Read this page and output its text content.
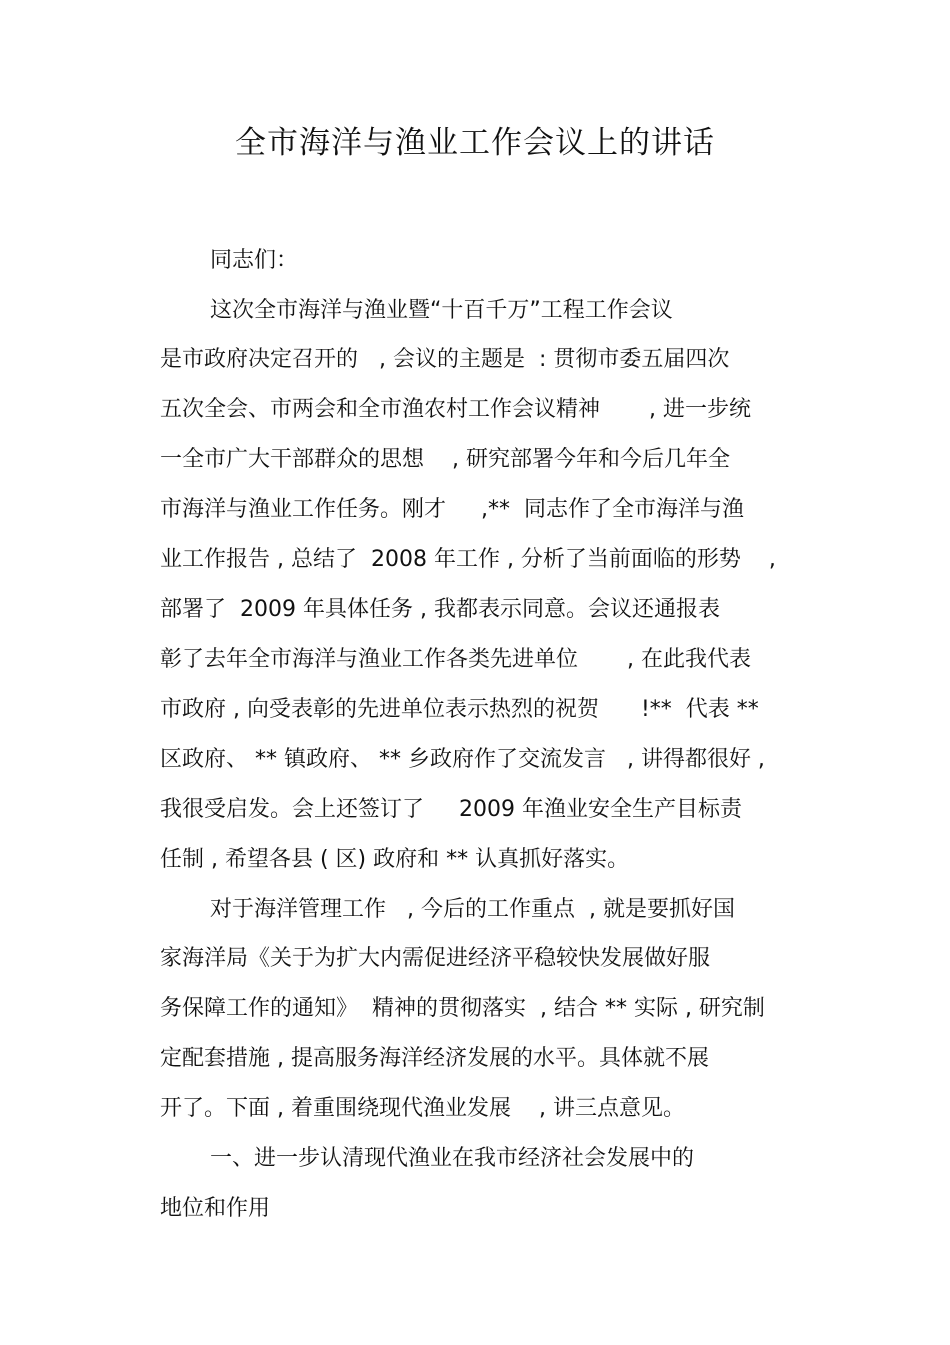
全市海洋与渔业工作会议上的讲话

同志们：

这次全市海洋与渔业暨“十百千万”工程工作会议

是市政府决定召开的   , 会议的主题是  : 贯彻市委五届四次

五次全会、市两会和全市渔农村工作会议精神       , 进一步统

一全市广大干部群众的思想    , 研究部署今年和今后几年全

市海洋与渔业工作任务。刚才     ,**  同志作了全市海洋与渔

业工作报告 , 总结了  2008 年工作 , 分析了当前面临的形势    ,

部署了  2009 年具体任务 , 我都表示同意。会议还通报表

彰了去年全市海洋与渔业工作各类先进单位       , 在此我代表

市政府 , 向受表彰的先进单位表示热烈的祝贺      !**  代表 **

区政府、 ** 镇政府、 ** 乡政府作了交流发言   , 讲得都很好 ,

我很受启发。会上还签订了     2009 年渔业安全生产目标责

任制 , 希望各县 ( 区) 政府和 ** 认真抓好落实。

对于海洋管理工作   , 今后的工作重点  , 就是要抓好国

家海洋局《关于为扩大内需促进经济平稳较快发展做好服

务保障工作的通知》  精神的贯彻落实  , 结合 ** 实际 , 研究制

定配套措施 , 提高服务海洋经济发展的水平。具体就不展

开了。下面 , 着重围绕现代渔业发展    , 讲三点意见。

一、进一步认清现代渔业在我市经济社会发展中的

地位和作用
